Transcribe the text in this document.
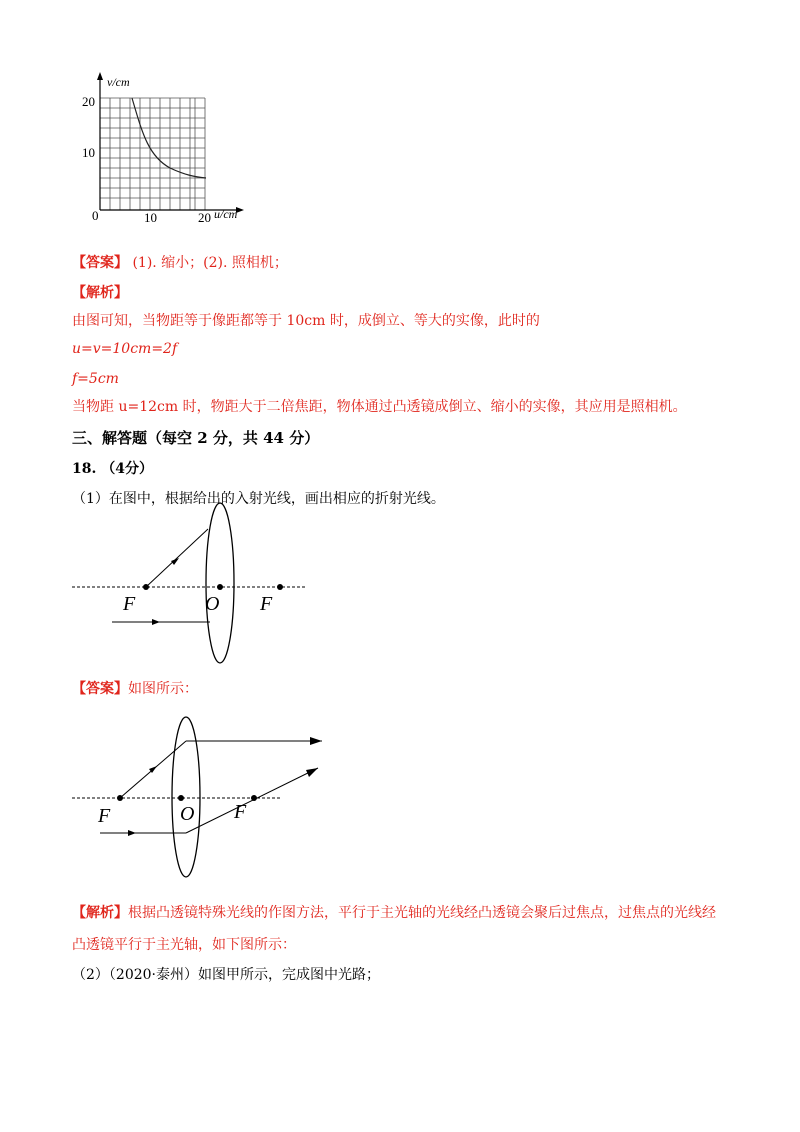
v/cm
20
10
0	10	20 u/cm
【答案】 (1). 缩小；(2). 照相机；
【解析】
由图可知，当物距等于像距都等于 10cm 时，成倒立、等大的实像，此时的
u=v=10cm=2f
f=5cm
当物距 u=12cm 时，物距大于二倍焦距，物体通过凸透镜成倒立、缩小的实像，其应用是照相机。
三、解答题（每空 2 分，共 44 分）
18. （4分）
（1）在图中，根据给出的入射光线，画出相应的折射光线。
F	O F
【答案】如图所示：
F	O F
【解析】根据凸透镜特殊光线的作图方法，平行于主光轴的光线经凸透镜会聚后过焦点，过焦点的光线经
凸透镜平行于主光轴，如下图所示：
（2）（2020·泰州）如图甲所示，完成图中光路；
